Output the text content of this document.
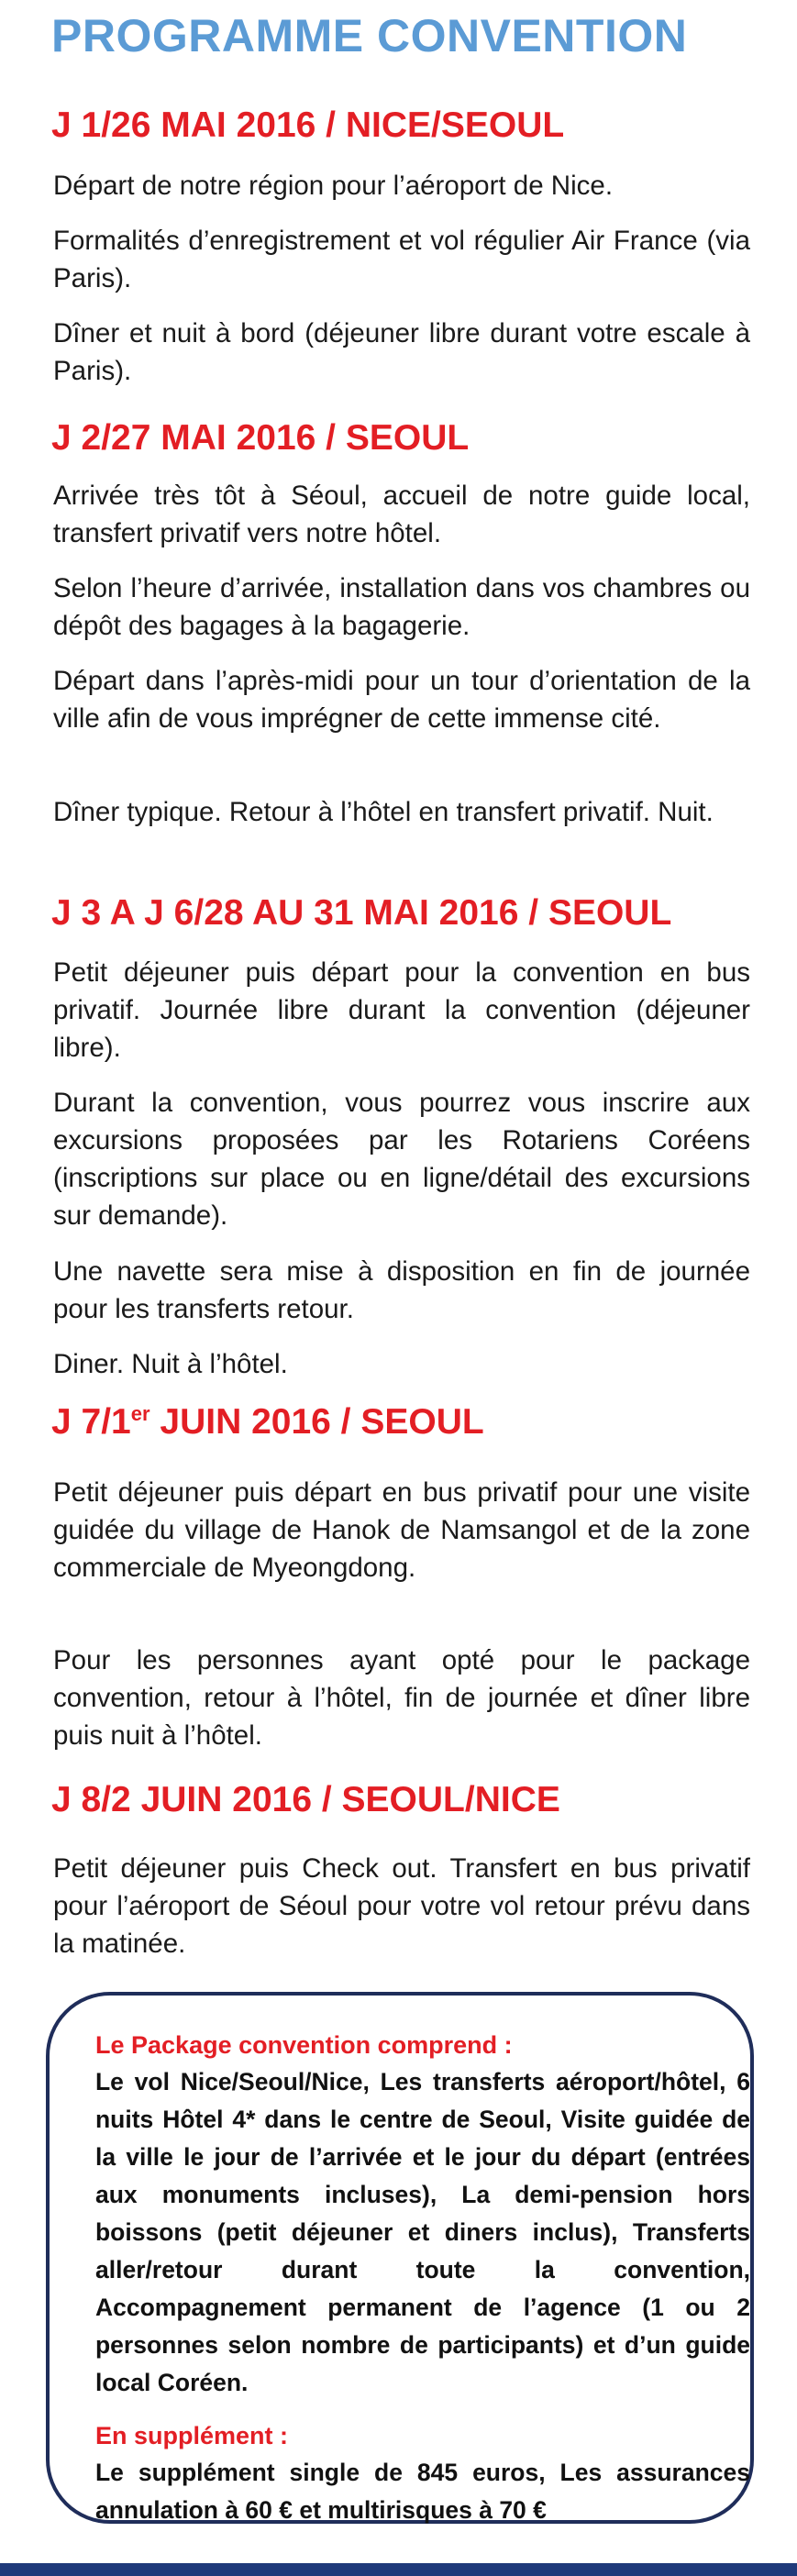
PROGRAMME CONVENTION
J 1/26 MAI 2016 / NICE/SEOUL
Départ de notre région pour l’aéroport de Nice.
Formalités d’enregistrement et vol régulier Air France (via Paris).
Dîner et nuit à bord (déjeuner libre durant votre escale à Paris).
J 2/27 MAI 2016 / SEOUL
Arrivée très tôt à Séoul, accueil de notre guide local, transfert privatif vers notre hôtel.
Selon l’heure d’arrivée, installation dans vos chambres ou dépôt des bagages à la bagagerie.
Départ dans l’après-midi pour un tour d’orientation de la ville afin de vous imprégner de cette immense cité.
Dîner typique. Retour à l’hôtel en transfert privatif. Nuit.
J 3 A J 6/28 AU 31 MAI 2016 / SEOUL
Petit déjeuner puis départ pour la convention en bus privatif. Journée libre durant la convention (déjeuner libre).
Durant la convention, vous pourrez vous inscrire aux excursions proposées par les Rotariens Coréens (inscriptions sur place ou en ligne/détail des excursions sur demande).
Une navette sera mise à disposition en fin de journée pour les transferts retour.
Diner. Nuit à l’hôtel.
J 7/1er JUIN 2016 / SEOUL
Petit déjeuner puis départ en bus privatif pour une visite guidée du village de Hanok de Namsangol et de la zone commerciale de Myeongdong.
Pour les personnes ayant opté pour le package convention, retour à l’hôtel, fin de journée et dîner libre puis nuit à l’hôtel.
J 8/2 JUIN 2016 / SEOUL/NICE
Petit déjeuner puis Check out. Transfert en bus privatif pour l’aéroport de Séoul pour votre vol retour prévu dans la matinée.
Le Package convention comprend :
Le vol Nice/Seoul/Nice, Les transferts aéroport/hôtel, 6 nuits Hôtel 4* dans le centre de Seoul, Visite guidée de la ville le jour de l’arrivée et le jour du départ (entrées aux monuments incluses), La demi-pension hors boissons (petit déjeuner et diners inclus), Transferts aller/retour durant toute la convention, Accompagnement permanent de l’agence (1 ou 2 personnes selon nombre de participants) et d’un guide local Coréen.
En supplément :
Le supplément single de 845 euros, Les assurances annulation à 60 € et multirisques à 70 €
